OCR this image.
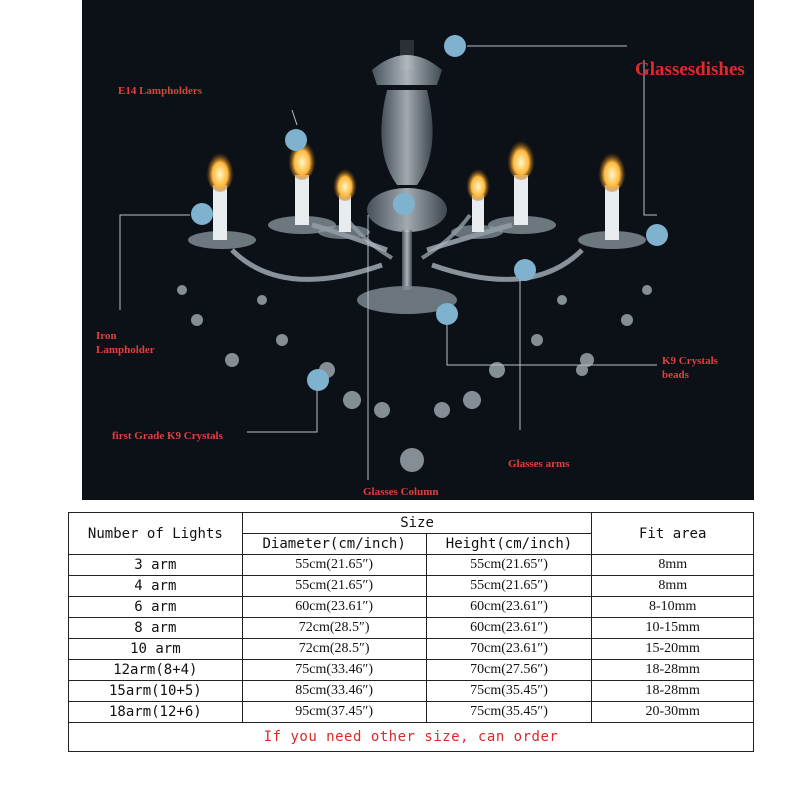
Glassesdishes
E14 Lampholders
Iron
Lampholder
K9 Crystals
beads
first Grade K9 Crystals
Glasses arms
Glasses Column
Number of Lights	Size		Fit area
	Diameter(cm/inch)	Height(cm/inch)	
3 arm	55cm(21.65″)	55cm(21.65″)	8mm
4 arm	55cm(21.65″)	55cm(21.65″)	8mm
6 arm	60cm(23.61″)	60cm(23.61″)	8-10mm
8 arm	72cm(28.5″)	60cm(23.61″)	10-15mm
10 arm	72cm(28.5″)	70cm(23.61″)	15-20mm
12arm(8+4)	75cm(33.46″)	70cm(27.56″)	18-28mm
15arm(10+5)	85cm(33.46″)	75cm(35.45″)	18-28mm
18arm(12+6)	95cm(37.45″)	75cm(35.45″)	20-30mm
If you need other size, can order			
